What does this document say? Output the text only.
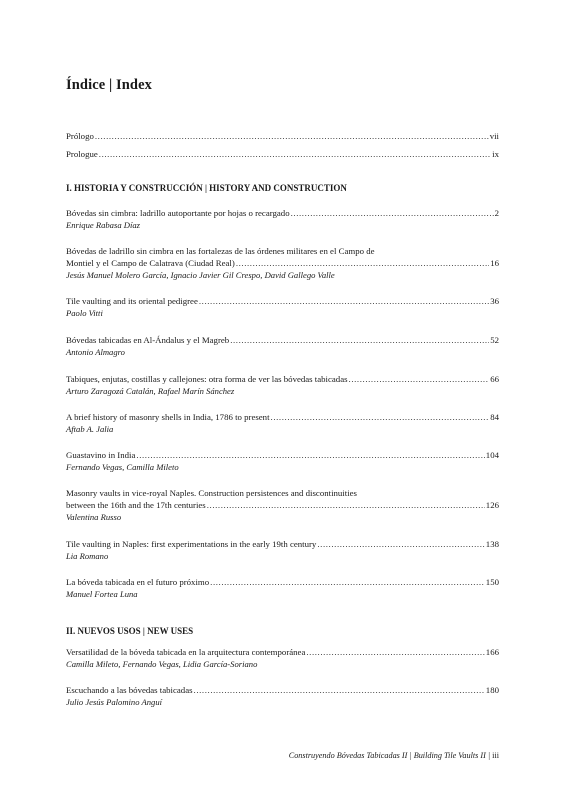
Índice | Index
Prólogo .....	vii
Prologue .....	ix
I. HISTORIA Y CONSTRUCCIÓN | HISTORY AND CONSTRUCTION
Bóvedas sin cimbra: ladrillo autoportante por hojas o recargado .....	2
Enrique Rabasa Díaz
Bóvedas de ladrillo sin cimbra en las fortalezas de las órdenes militares en el Campo de
Montiel y el Campo de Calatrava (Ciudad Real) .....	16
Jesús Manuel Molero García, Ignacio Javier Gil Crespo, David Gallego Valle
Tile vaulting and its oriental pedigree .....	36
Paolo Vitti
Bóvedas tabicadas en Al-Ándalus y el Magreb .....	52
Antonio Almagro
Tabiques, enjutas, costillas y callejones: otra forma de ver las bóvedas tabicadas .....	66
Arturo Zaragozá Catalán, Rafael Marín Sánchez
A brief history of masonry shells in India, 1786 to present .....	84
Aftab A. Jalia
Guastavino in India .....	104
Fernando Vegas, Camilla Mileto
Masonry vaults in vice-royal Naples. Construction persistences and discontinuities
between the 16th and the 17th centuries .....	126
Valentina Russo
Tile vaulting in Naples: first experimentations in the early 19th century .....	138
Lia Romano
La bóveda tabicada en el futuro próximo .....	150
Manuel Fortea Luna
II. NUEVOS USOS | NEW USES
Versatilidad de la bóveda tabicada en la arquitectura contemporánea .....	166
Camilla Mileto, Fernando Vegas, Lidia García-Soriano
Escuchando a las bóvedas tabicadas .....	180
Julio Jesús Palomino Anguí
Construyendo Bóvedas Tabicadas II | Building Tile Vaults II | iii
